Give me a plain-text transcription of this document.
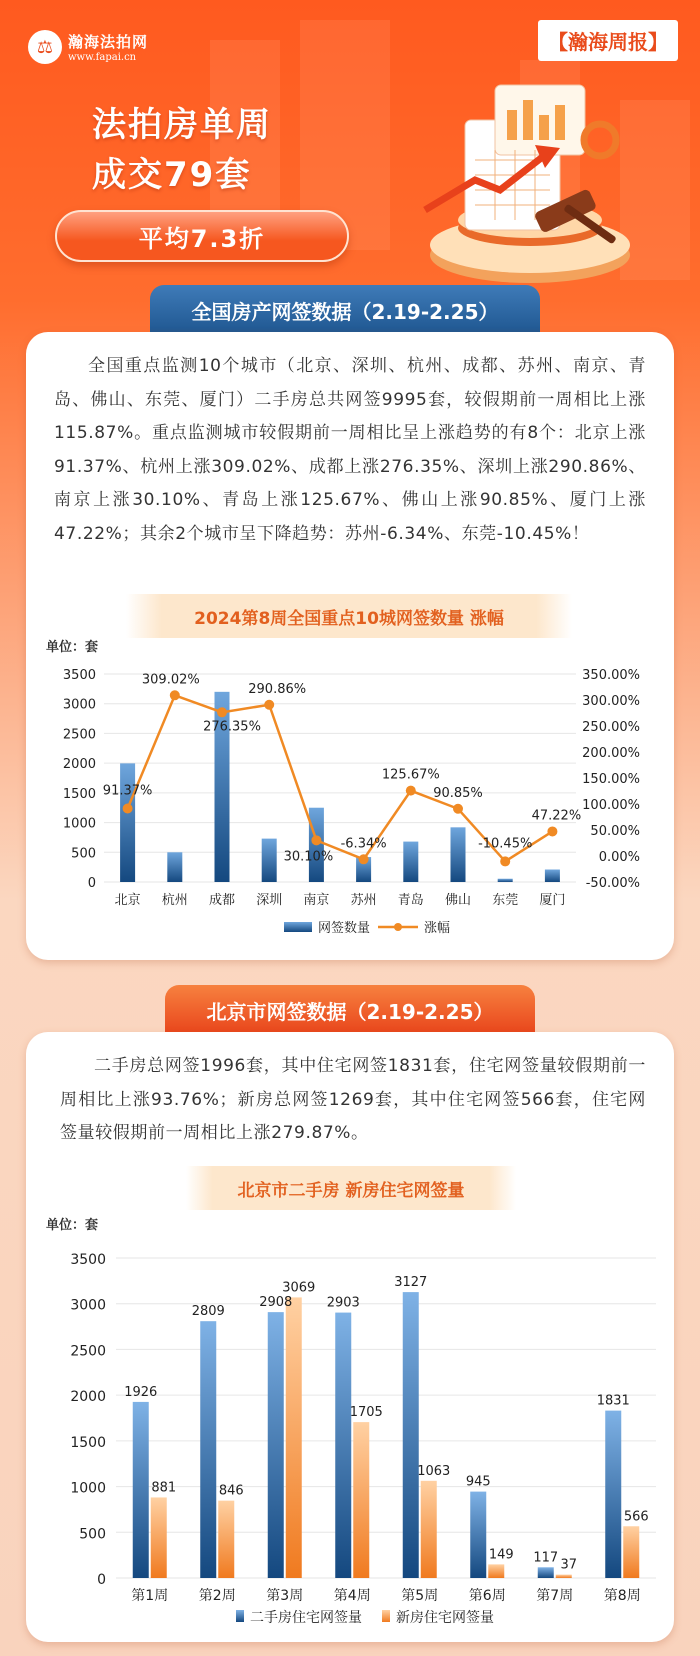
⚖ 瀚海法拍网
www.fapai.cn
【瀚海周报】
法拍房单周
成交79套
平均7.3折
全国房产网签数据（2.19-2.25）
全国重点监测10个城市（北京、深圳、杭州、成都、苏州、南京、青岛、佛山、东莞、厦门）二手房总共网签9995套，较假期前一周相比上涨115.87%。重点监测城市较假期前一周相比呈上涨趋势的有8个：北京上涨91.37%、杭州上涨309.02%、成都上涨276.35%、深圳上涨290.86%、南京上涨30.10%、青岛上涨125.67%、佛山上涨90.85%、厦门上涨47.22%；其余2个城市呈下降趋势：苏州-6.34%、东莞-10.45%！
2024第8周全国重点10城网签数量 涨幅
单位：套
0
500
1000
1500
2000
2500
3000
3500
-50.00%
0.00%
50.00%
100.00%
150.00%
200.00%
250.00%
300.00%
350.00%
北京 杭州 成都 深圳 南京 苏州 青岛 佛山 东莞 厦门
91.37%
309.02%
276.35%
290.86%
30.10%
-6.34%
125.67%
90.85%
-10.45%
47.22%
网签数量	涨幅
北京市网签数据（2.19-2.25）
二手房总网签1996套，其中住宅网签1831套，住宅网签量较假期前一周相比上涨93.76%；新房总网签1269套，其中住宅网签566套，住宅网签量较假期前一周相比上涨279.87%。
北京市二手房 新房住宅网签量
单位：套
0
500
1000
1500
2000
2500
3000
3500
1926
881
第1周
2809
846
第2周
2908
3069
第3周
2903
1705
第4周
3127
1063
第5周
945
149
第6周
117 37
第7周
1831
566
第8周
二手房住宅网签量 新房住宅网签量
